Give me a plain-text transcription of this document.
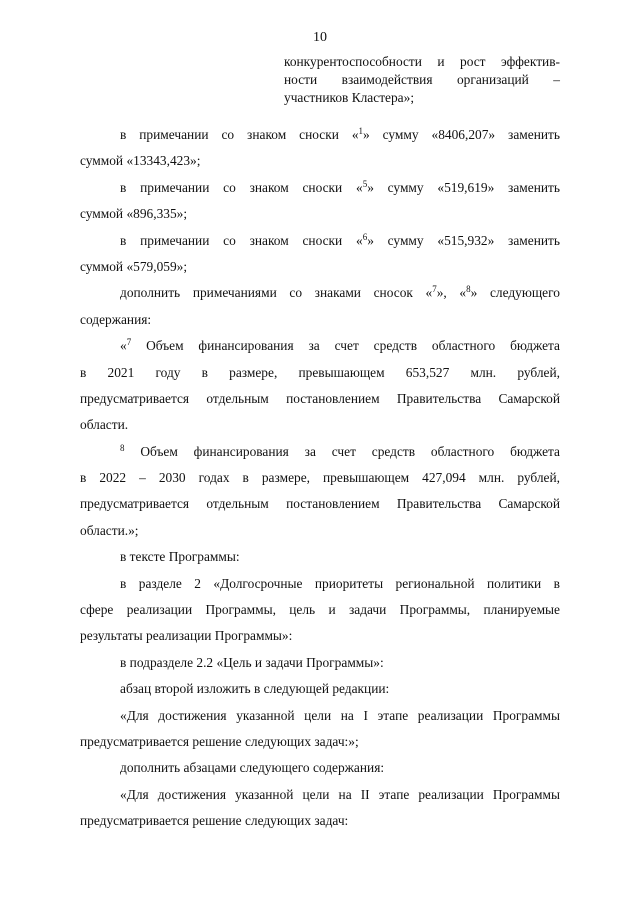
10
конкурентоспособности и рост эффектив-
ности взаимодействия организаций –
участников Кластера»;
в примечании со знаком сноски «$^1$» сумму «8406,207» заменить
суммой «13343,423»;
в примечании со знаком сноски «$^5$» сумму «519,619» заменить
суммой «896,335»;
в примечании со знаком сноски «$^6$» сумму «515,932» заменить
суммой «579,059»;
дополнить примечаниями со знаками сносок «$^7$», «$^8$» следующего
содержания:
«$^7$ Объем финансирования за счет средств областного бюджета
в 2021 году в размере, превышающем 653,527 млн. рублей,
предусматривается отдельным постановлением Правительства Самарской
области.
$^8$ Объем финансирования за счет средств областного бюджета
в 2022 – 2030 годах в размере, превышающем 427,094 млн. рублей,
предусматривается отдельным постановлением Правительства Самарской
области.»;
в тексте Программы:
в разделе 2 «Долгосрочные приоритеты региональной политики в
сфере реализации Программы, цель и задачи Программы, планируемые
результаты реализации Программы»:
в подразделе 2.2 «Цель и задачи Программы»:
абзац второй изложить в следующей редакции:
«Для достижения указанной цели на I этапе реализации Программы
предусматривается решение следующих задач:»;
дополнить абзацами следующего содержания:
«Для достижения указанной цели на II этапе реализации Программы
предусматривается решение следующих задач:
